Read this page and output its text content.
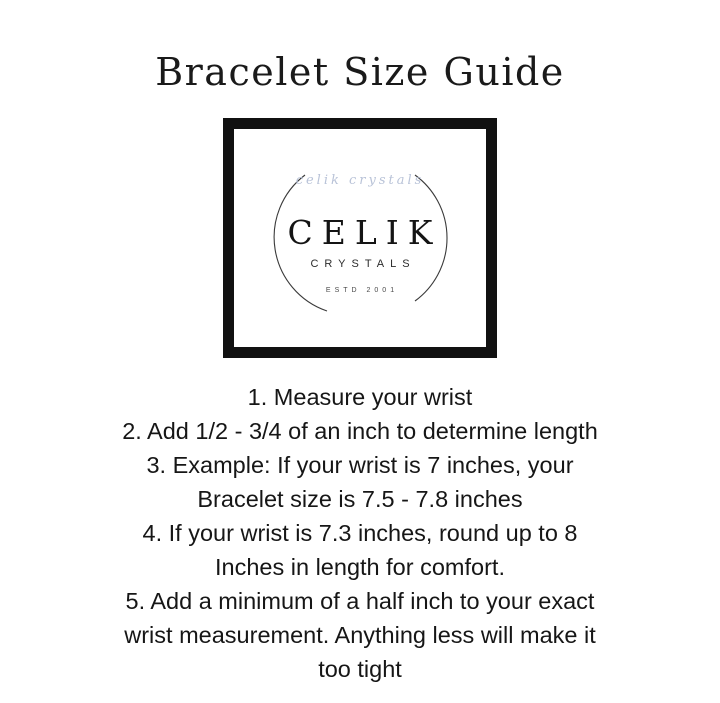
Bracelet Size Guide
celik crystals
CELIK
CRYSTALS
ESTD 2001
1. Measure your wrist
2. Add 1/2 - 3/4 of an inch to determine length
3. Example: If your wrist is 7 inches, your
Bracelet size is 7.5 - 7.8 inches
4. If your wrist is 7.3 inches, round up to 8
Inches in length for comfort.
5. Add a minimum of a half inch to your exact
wrist measurement. Anything less will make it
too tight
